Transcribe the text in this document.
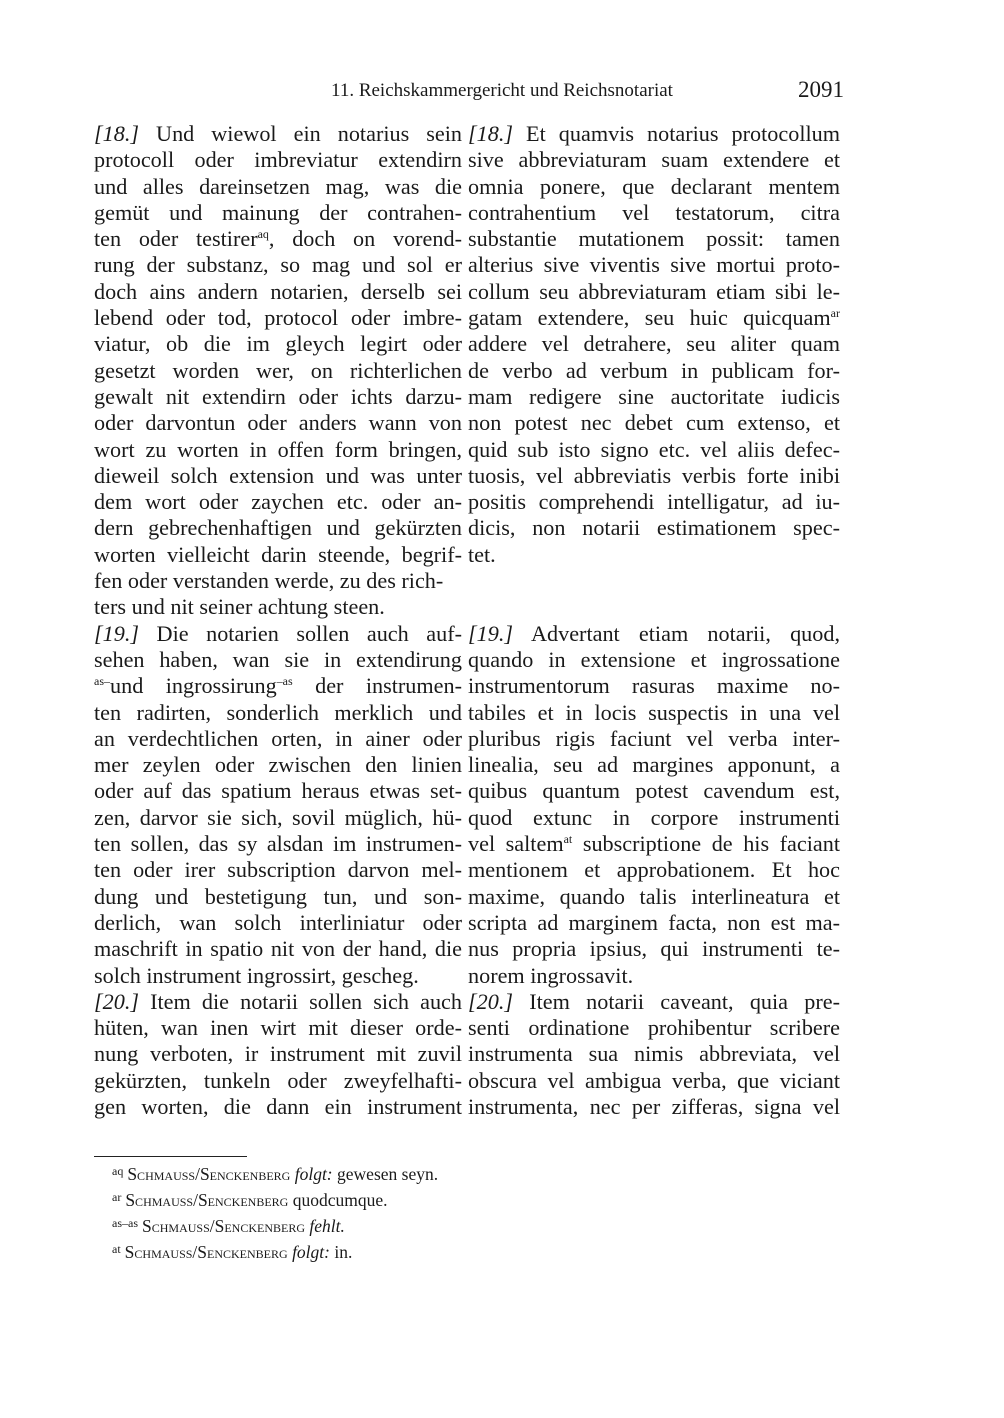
11. Reichskammergericht und Reichsnotariat	2091
[18.] Und wiewol ein notarius sein
protocoll oder imbreviatur extendirn
und alles dareinsetzen mag, was die
gemüt und mainung der contrahen-
ten oder testirer$^{aq}$, doch on vorend-
rung der substanz, so mag und sol er
doch ains andern notarien, derselb sei
lebend oder tod, protocol oder imbre-
viatur, ob die im gleych legirt oder
gesetzt worden wer, on richterlichen
gewalt nit extendirn oder ichts darzu-
oder darvontun oder anders wann von
wort zu worten in offen form bringen,
dieweil solch extension und was unter
dem wort oder zaychen etc. oder an-
dern gebrechenhaftigen und gekürzten
worten vielleicht darin steende, begrif-
fen oder verstanden werde, zu des rich-
ters und nit seiner achtung steen.
[19.] Die notarien sollen auch auf-
sehen haben, wan sie in extendirung
$^{as-}$und ingrossirung$^{-as}$ der instrumen-
ten radirten, sonderlich merklich und
an verdechtlichen orten, in ainer oder
mer zeylen oder zwischen den linien
oder auf das spatium heraus etwas set-
zen, darvor sie sich, sovil müglich, hü-
ten sollen, das sy alsdan im instrumen-
ten oder irer subscription darvon mel-
dung und bestetigung tun, und son-
derlich, wan solch interliniatur oder
maschrift in spatio nit von der hand, die
solch instrument ingrossirt, gescheg.
[20.] Item die notarii sollen sich auch
hüten, wan inen wirt mit dieser orde-
nung verboten, ir instrument mit zuvil
gekürzten, tunkeln oder zweyfelhafti-
gen worten, die dann ein instrument
[18.] Et quamvis notarius protocollum
sive abbreviaturam suam extendere et
omnia ponere, que declarant mentem
contrahentium vel testatorum, citra
substantie mutationem possit: tamen
alterius sive viventis sive mortui proto-
collum seu abbreviaturam etiam sibi le-
gatam extendere, seu huic quicquam$^{ar}$
addere vel detrahere, seu aliter quam
de verbo ad verbum in publicam for-
mam redigere sine auctoritate iudicis
non potest nec debet cum extenso, et
quid sub isto signo etc. vel aliis defec-
tuosis, vel abbreviatis verbis forte inibi
positis comprehendi intelligatur, ad iu-
dicis, non notarii estimationem spec-
tet.
[19.] Advertant etiam notarii, quod,
quando in extensione et ingrossatione
instrumentorum rasuras maxime no-
tabiles et in locis suspectis in una vel
pluribus rigis faciunt vel verba inter-
linealia, seu ad margines apponunt, a
quibus quantum potest cavendum est,
quod extunc in corpore instrumenti
vel saltem$^{at}$ subscriptione de his faciant
mentionem et approbationem. Et hoc
maxime, quando talis interlineatura et
scripta ad marginem facta, non est ma-
nus propria ipsius, qui instrumenti te-
norem ingrossavit.
[20.] Item notarii caveant, quia pre-
senti ordinatione prohibentur scribere
instrumenta sua nimis abbreviata, vel
obscura vel ambigua verba, que viciant
instrumenta, nec per zifferas, signa vel
$^{aq}$ Schmauss/Senckenberg folgt: gewesen seyn.
$^{ar}$ Schmauss/Senckenberg quodcumque.
$^{as-as}$ Schmauss/Senckenberg fehlt.
$^{at}$ Schmauss/Senckenberg folgt: in.
